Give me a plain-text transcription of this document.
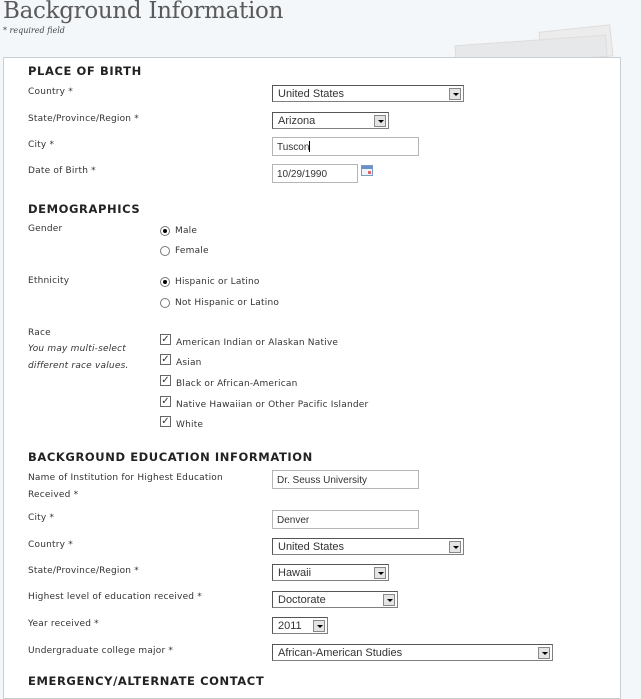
Background Information
* required field
PLACE OF BIRTH
Country *	United States
State/Province/Region *	Arizona
City *	Tuscon
Date of Birth *	10/29/1990
DEMOGRAPHICS
Gender	Male
Female
Ethnicity	Hispanic or Latino
Not Hispanic or Latino
Race
You may multi-select
different race values.
✓ American Indian or Alaskan Native
✓ Asian
✓ Black or African-American
✓ Native Hawaiian or Other Pacific Islander
✓ White
BACKGROUND EDUCATION INFORMATION
Name of Institution for Highest Education
Received *
Dr. Seuss University
City *	Denver
Country *	United States
State/Province/Region *	Hawaii
Highest level of education received *	Doctorate
Year received *	2011
Undergraduate college major *	African-American Studies
EMERGENCY/ALTERNATE CONTACT
